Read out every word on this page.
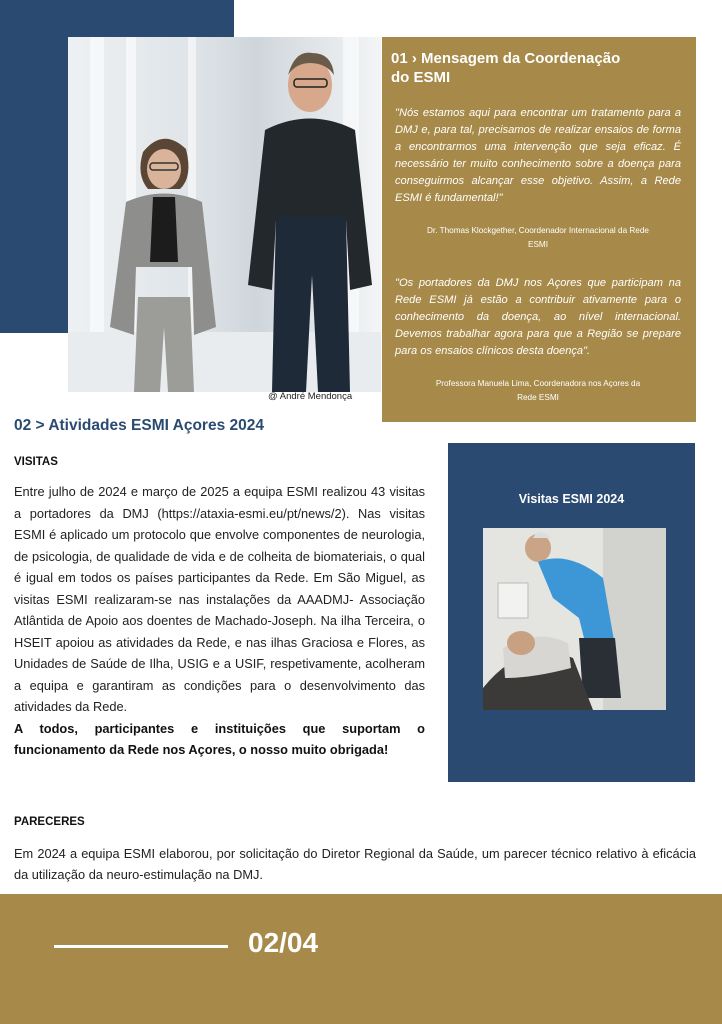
@ André Mendonça
01 › Mensagem da Coordenação
do ESMI
"Nós estamos aqui para encontrar um tratamento para a DMJ e, para tal, precisamos de realizar ensaios de forma a encontrarmos uma intervenção que seja eficaz. É necessário ter muito conhecimento sobre a doença para conseguirmos alcançar esse objetivo. Assim, a Rede ESMI é fundamental!"
Dr. Thomas Klockgether, Coordenador Internacional da Rede
ESMI
"Os portadores da DMJ nos Açores que participam na Rede ESMI já estão a contribuir ativamente para o conhecimento da doença, ao nível internacional. Devemos trabalhar agora para que a Região se prepare para os ensaios clínicos desta doença".
Professora Manuela Lima, Coordenadora nos Açores da
Rede ESMI
02 > Atividades ESMI Açores 2024
VISITAS
Entre julho de 2024 e março de 2025 a equipa ESMI realizou 43 visitas a portadores da DMJ (https://ataxia-esmi.eu/pt/news/2). Nas visitas ESMI é aplicado um protocolo que envolve componentes de neurologia, de psicologia, de qualidade de vida e de colheita de biomateriais, o qual é igual em todos os países participantes da Rede. Em São Miguel, as visitas ESMI realizaram-se nas instalações da AAADMJ- Associação Atlântida de Apoio aos doentes de Machado-Joseph. Na ilha Terceira, o HSEIT apoiou as atividades da Rede, e nas ilhas Graciosa e Flores, as Unidades de Saúde de Ilha, USIG e a USIF, respetivamente, acolheram a equipa e garantiram as condições para o desenvolvimento das atividades da Rede.
A todos, participantes e instituições que suportam o funcionamento da Rede nos Açores, o nosso muito obrigada!
Visitas ESMI 2024
PARECERES
Em 2024 a equipa ESMI elaborou, por solicitação do Diretor Regional da Saúde, um parecer técnico relativo à eficácia da utilização da neuro-estimulação na DMJ.
02/04
